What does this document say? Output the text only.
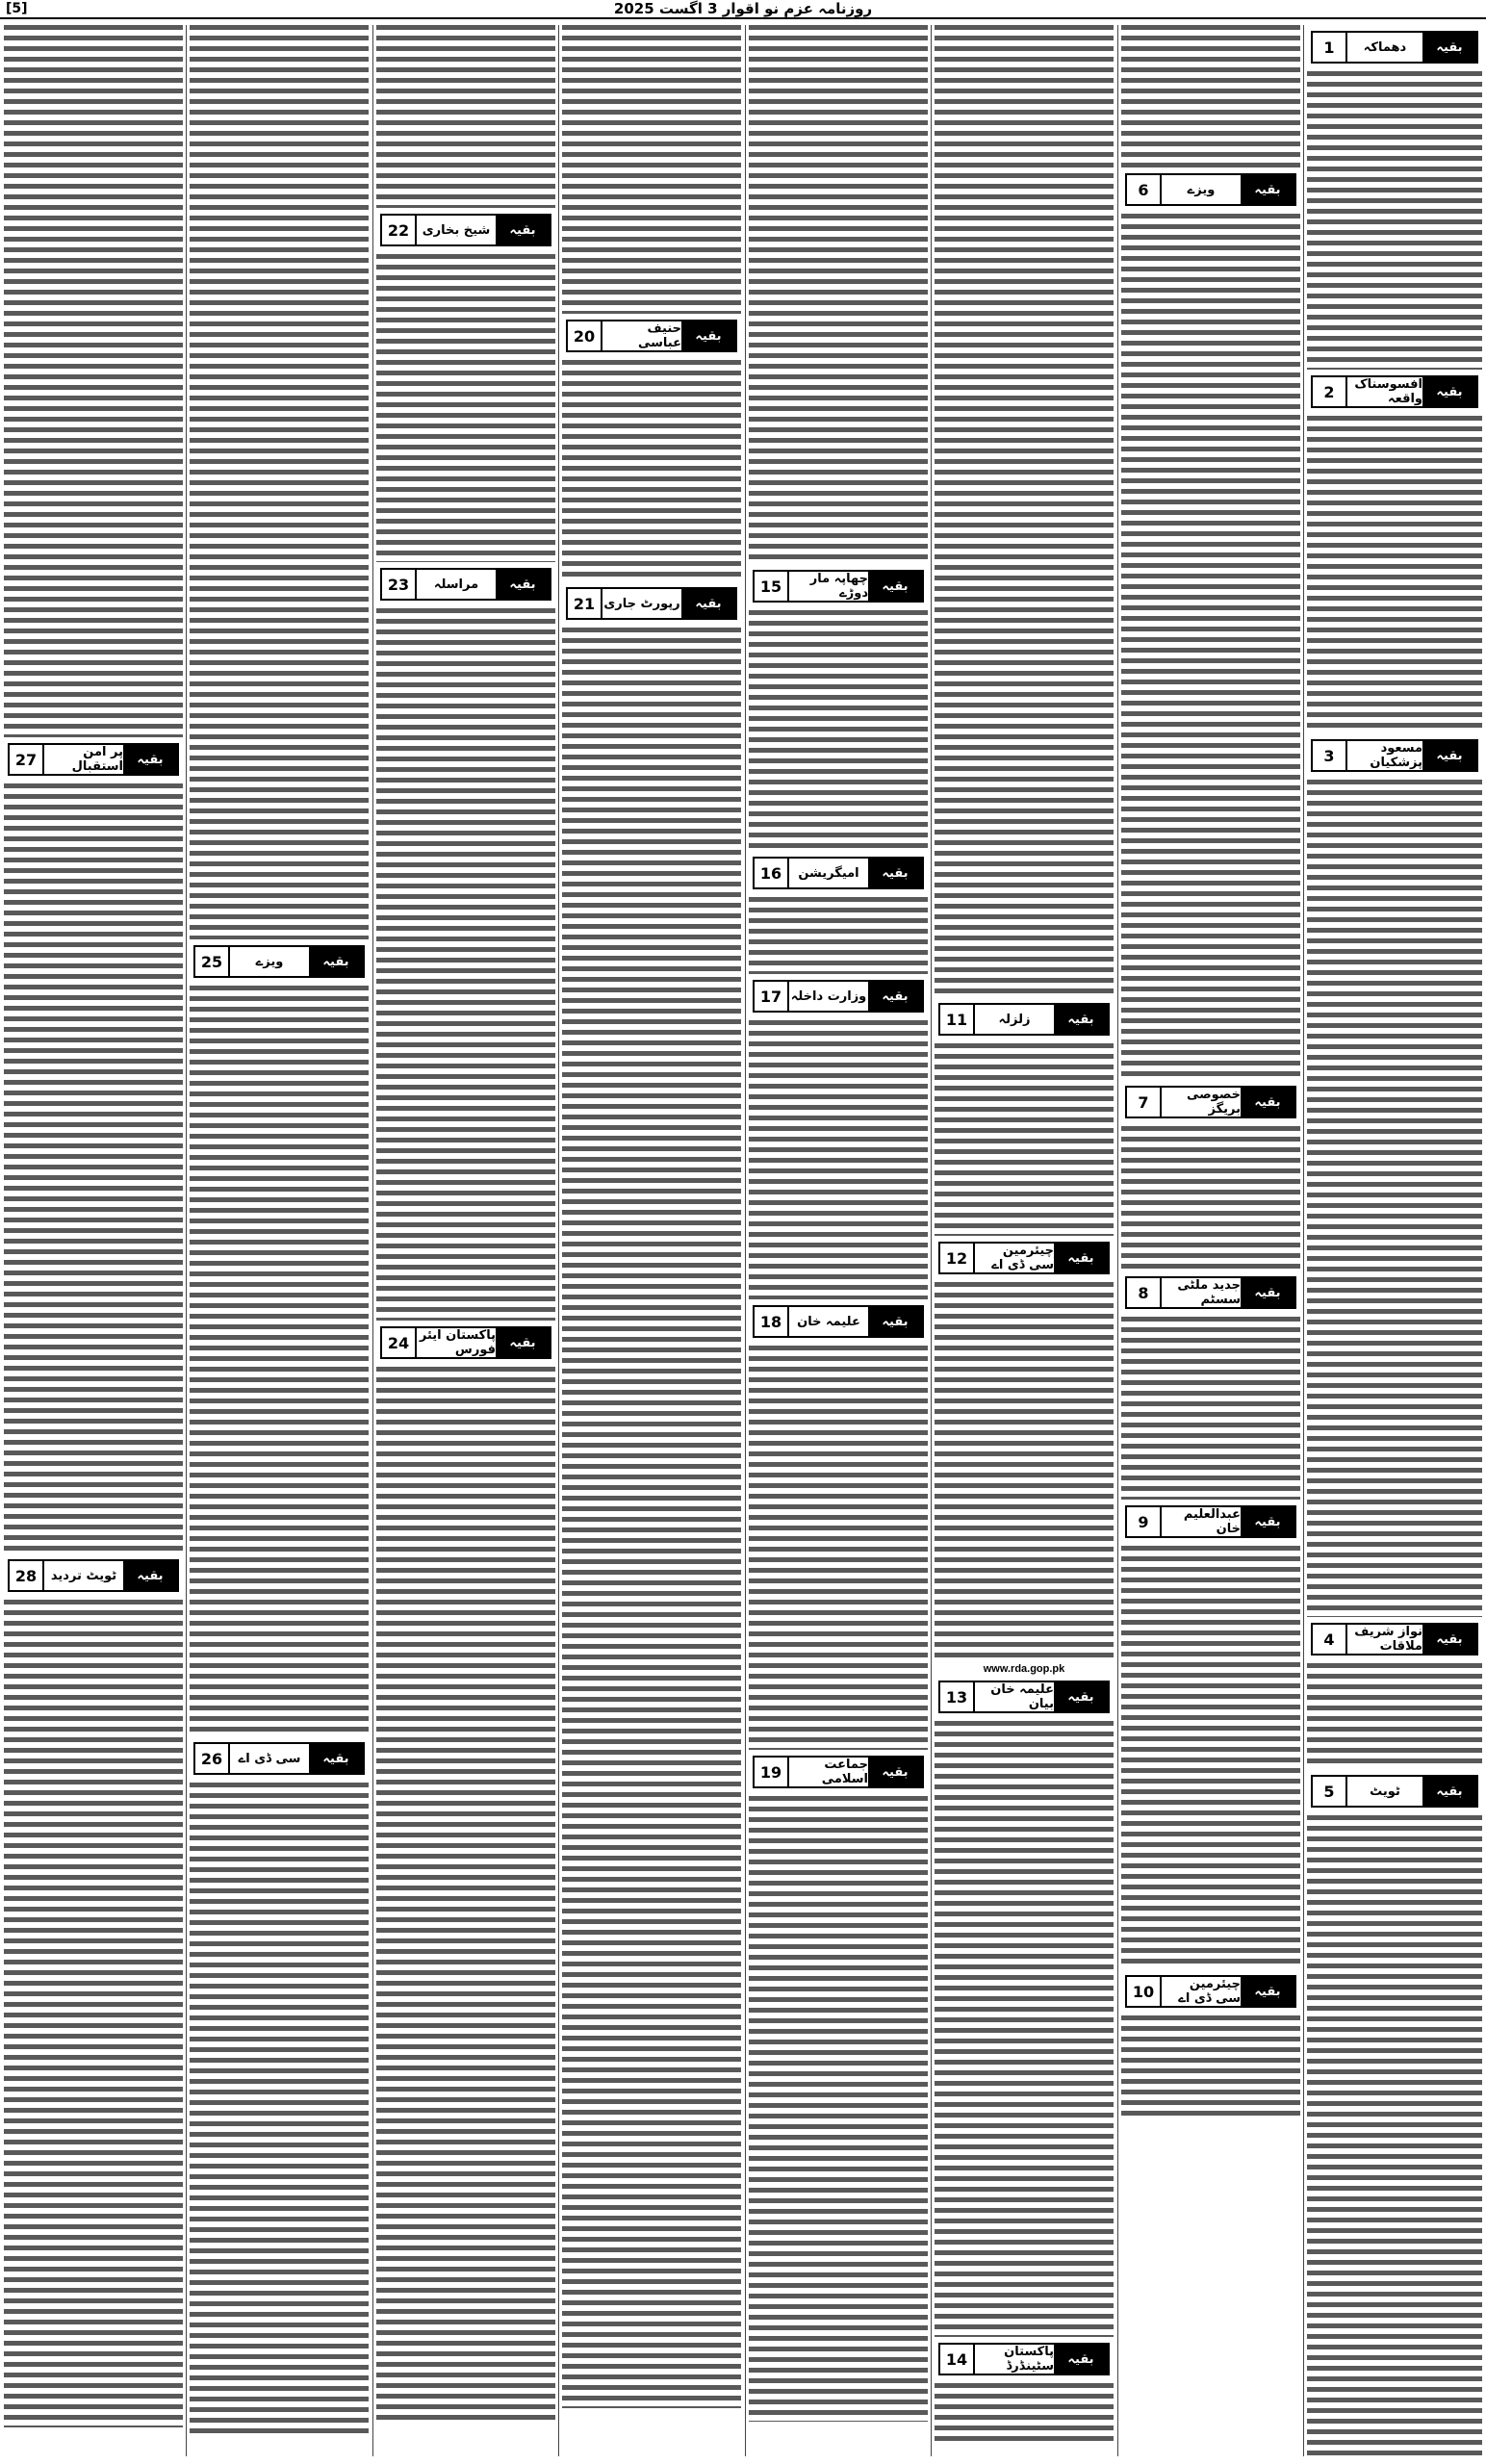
[5]	روزنامہ عزم نو اقوار 3 اگست 2025
1	دھماکہ	بقیہ
2	افسوسناک واقعہ	بقیہ
3	مسعود پزشکیان	بقیہ
4	نواز شریف ملاقات	بقیہ
5	ٹویٹ	بقیہ
6	ویزے	بقیہ
7	خصوصی بریگز	بقیہ
8	جدید ملٹی سسٹم	بقیہ
9	عبدالعلیم خان	بقیہ
10	چیئرمین سی ڈی اے	بقیہ
11	زلزلہ	بقیہ
12	چیئرمین سی ڈی اے	بقیہ
www.rda.gop.pk
13	علیمہ خان بیان	بقیہ
14	پاکستان سٹینڈرڈ	بقیہ
15	چھاپہ مار دوڑے	بقیہ
16	امیگریشن	بقیہ
17 وزارت داخلہ	بقیہ
18	علیمہ خان	بقیہ
19	جماعت اسلامی	بقیہ
20	حنیف عباسی	بقیہ
21 رپورٹ جاری	بقیہ
22	شیخ بخاری	بقیہ
23	مراسلہ	بقیہ
24 پاکستان ایئر فورس	بقیہ
25	ویزے	بقیہ
26	سی ڈی اے	بقیہ
27	پر امن استقبال	بقیہ
28	ٹویٹ تردید	بقیہ
